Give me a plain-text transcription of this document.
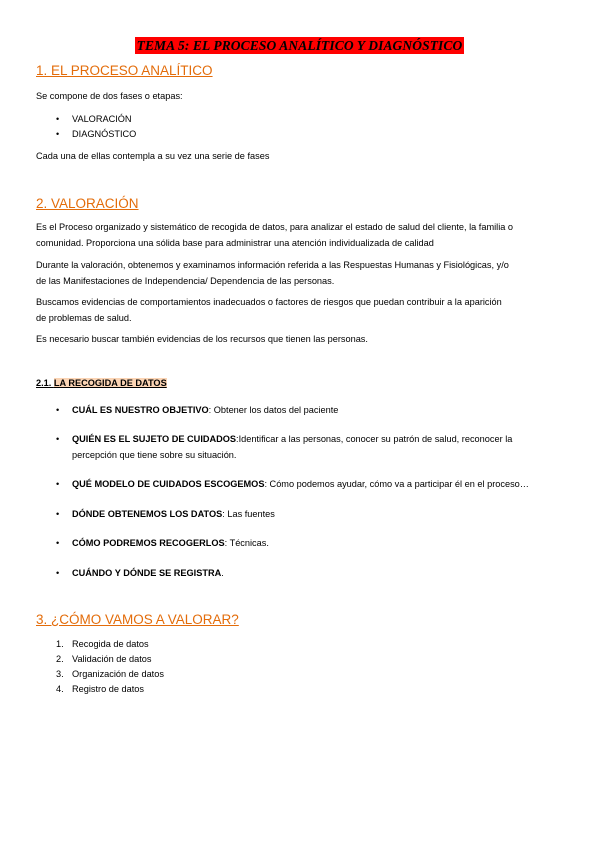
TEMA 5: EL PROCESO ANALÍTICO Y DIAGNÓSTICO
1. EL PROCESO ANALÍTICO

Se compone de dos fases o etapas:

• VALORACIÓN
• DIAGNÓSTICO

Cada una de ellas contempla a su vez una serie de fases

2. VALORACIÓN

Es el Proceso organizado y sistemático de recogida de datos, para analizar el estado de salud del cliente, la familia o
comunidad. Proporciona una sólida base para administrar una atención individualizada de calidad

Durante la valoración, obtenemos y examinamos información referida a las Respuestas Humanas y Fisiológicas, y/o
de las Manifestaciones de Independencia/ Dependencia de las personas.

Buscamos evidencias de comportamientos inadecuados o factores de riesgos que puedan contribuir a la aparición
de problemas de salud.

Es necesario buscar también evidencias de los recursos que tienen las personas.

2.1. LA RECOGIDA DE DATOS
• CUÁL ES NUESTRO OBJETIVO: Obtener los datos del paciente
• QUIÉN ES EL SUJETO DE CUIDADOS:Identificar a las personas, conocer su patrón de salud, reconocer la
percepción que tiene sobre su situación.
• QUÉ MODELO DE CUIDADOS ESCOGEMOS: Cómo podemos ayudar, cómo va a participar él en el proceso…
• DÓNDE OBTENEMOS LOS DATOS: Las fuentes
• CÓMO PODREMOS RECOGERLOS: Técnicas.
• CUÁNDO Y DÓNDE SE REGISTRA.
3. ¿CÓMO VAMOS A VALORAR?
1. Recogida de datos
2. Validación de datos
3. Organización de datos
4. Registro de datos
